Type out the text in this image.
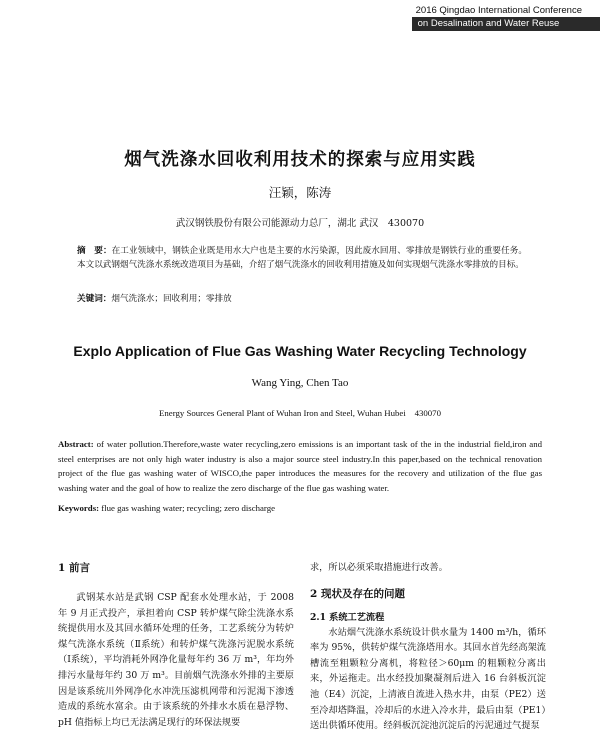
2016 Qingdao International Conference
on Desalination and Water Reuse
烟气洗涤水回收利用技术的探索与应用实践
汪颖，陈涛
武汉钢铁股份有限公司能源动力总厂，湖北 武汉　430070
摘　要：在工业领域中，钢铁企业既是用水大户也是主要的水污染源，因此废水回用、零排放是钢铁行业的重要任务。本文以武钢烟气洗涤水系统改造项目为基础，介绍了烟气洗涤水的回收利用措施及如何实现烟气洗涤水零排放的目标。
关键词：烟气洗涤水；回收利用；零排放
Explo Application of Flue Gas Washing Water Recycling Technology
Wang Ying, Chen Tao
Energy Sources General Plant of Wuhan Iron and Steel, Wuhan Hubei　430070
Abstract: of water pollution.Therefore,waste water recycling,zero emissions is an important task of the in the industrial field,iron and steel enterprises are not only high water industry is also a major source steel industry.In this paper,based on the technical renovation project of the flue gas washing water of WISCO,the paper introduces the measures for the recovery and utilization of the flue gas washing water and the goal of how to realize the zero discharge of the flue gas washing water.
Keywords: flue gas washing water; recycling; zero discharge

1 前言

武钢某水站是武钢 CSP 配套水处理水站，于 2008 年 9 月正式投产，承担着向 CSP 转炉煤气除尘洗涤水系统提供用水及其回水循环处理的任务，工艺系统分为转炉煤气洗涤水系统（Ⅱ系统）和转炉煤气洗涤污泥脱水系统（Ⅰ系统），平均消耗外网净化量每年约 36 万 m³，年均外排污水量每年约 30 万 m³。目前烟气洗涤水外排的主要原因是该系统川外网净化水冲洗压滤机网带和污泥渴下渗透造成的系统水富余。由于该系统的外排水水质在悬浮物、pH 值指标上均已无法满足现行的环保法规要

求，所以必须采取措施进行改善。

2 现状及存在的问题

2.1 系统工艺流程

水站烟气洗涤水系统设计供水量为 1400 m³/h，循环率为 95%，供转炉煤气洗涤塔用水。其回水首先经高架流槽流至粗颗粒分离机，将粒径＞60μm 的粗颗粒分离出来，外运拖走。出水经投加聚凝剂后进入 16 台斜板沉淀池（E4）沉淀，上清液自流进入热水井，由泵（PE2）送至冷却塔降温，冷却后的水进入冷水井，最后由泵（PE1）送出供循环使用。经斜板沉淀池沉淀后的污泥通过气提泵
